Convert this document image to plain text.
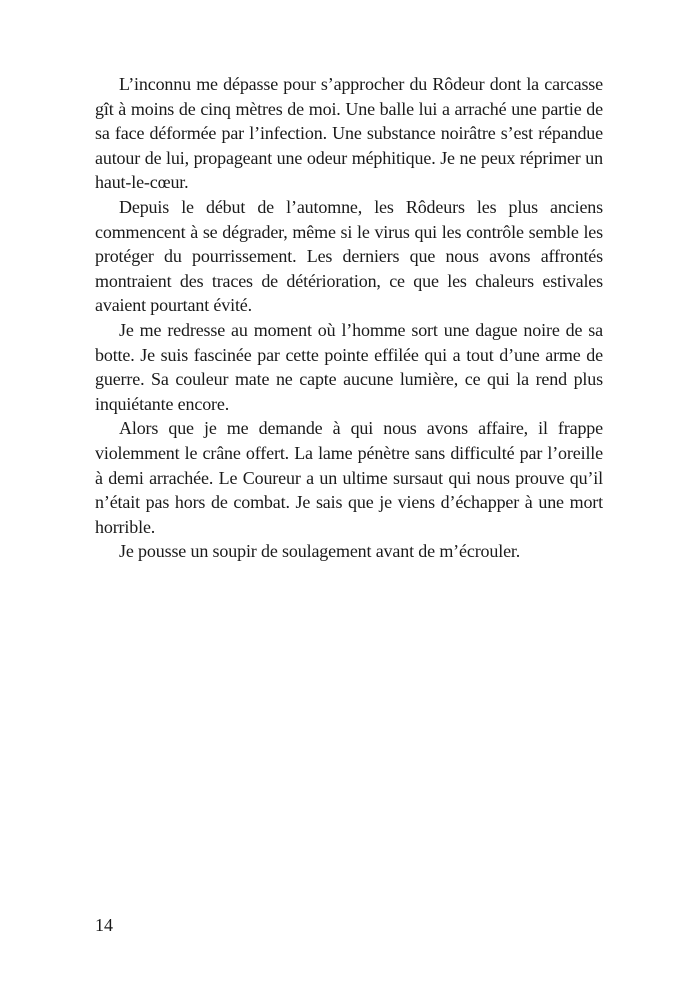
L’inconnu me dépasse pour s’approcher du Rôdeur dont la carcasse gît à moins de cinq mètres de moi. Une balle lui a arraché une partie de sa face déformée par l’infection. Une substance noirâtre s’est répandue autour de lui, propageant une odeur méphitique. Je ne peux réprimer un haut-le-cœur.

Depuis le début de l’automne, les Rôdeurs les plus anciens commencent à se dégrader, même si le virus qui les contrôle semble les protéger du pourrissement. Les derniers que nous avons affrontés montraient des traces de détérioration, ce que les chaleurs estivales avaient pourtant évité.

Je me redresse au moment où l’homme sort une dague noire de sa botte. Je suis fascinée par cette pointe effilée qui a tout d’une arme de guerre. Sa couleur mate ne capte aucune lumière, ce qui la rend plus inquiétante encore.

Alors que je me demande à qui nous avons affaire, il frappe violemment le crâne offert. La lame pénètre sans difficulté par l’oreille à demi arrachée. Le Coureur a un ultime sursaut qui nous prouve qu’il n’était pas hors de combat. Je sais que je viens d’échapper à une mort horrible.

Je pousse un soupir de soulagement avant de m’écrouler.

14
